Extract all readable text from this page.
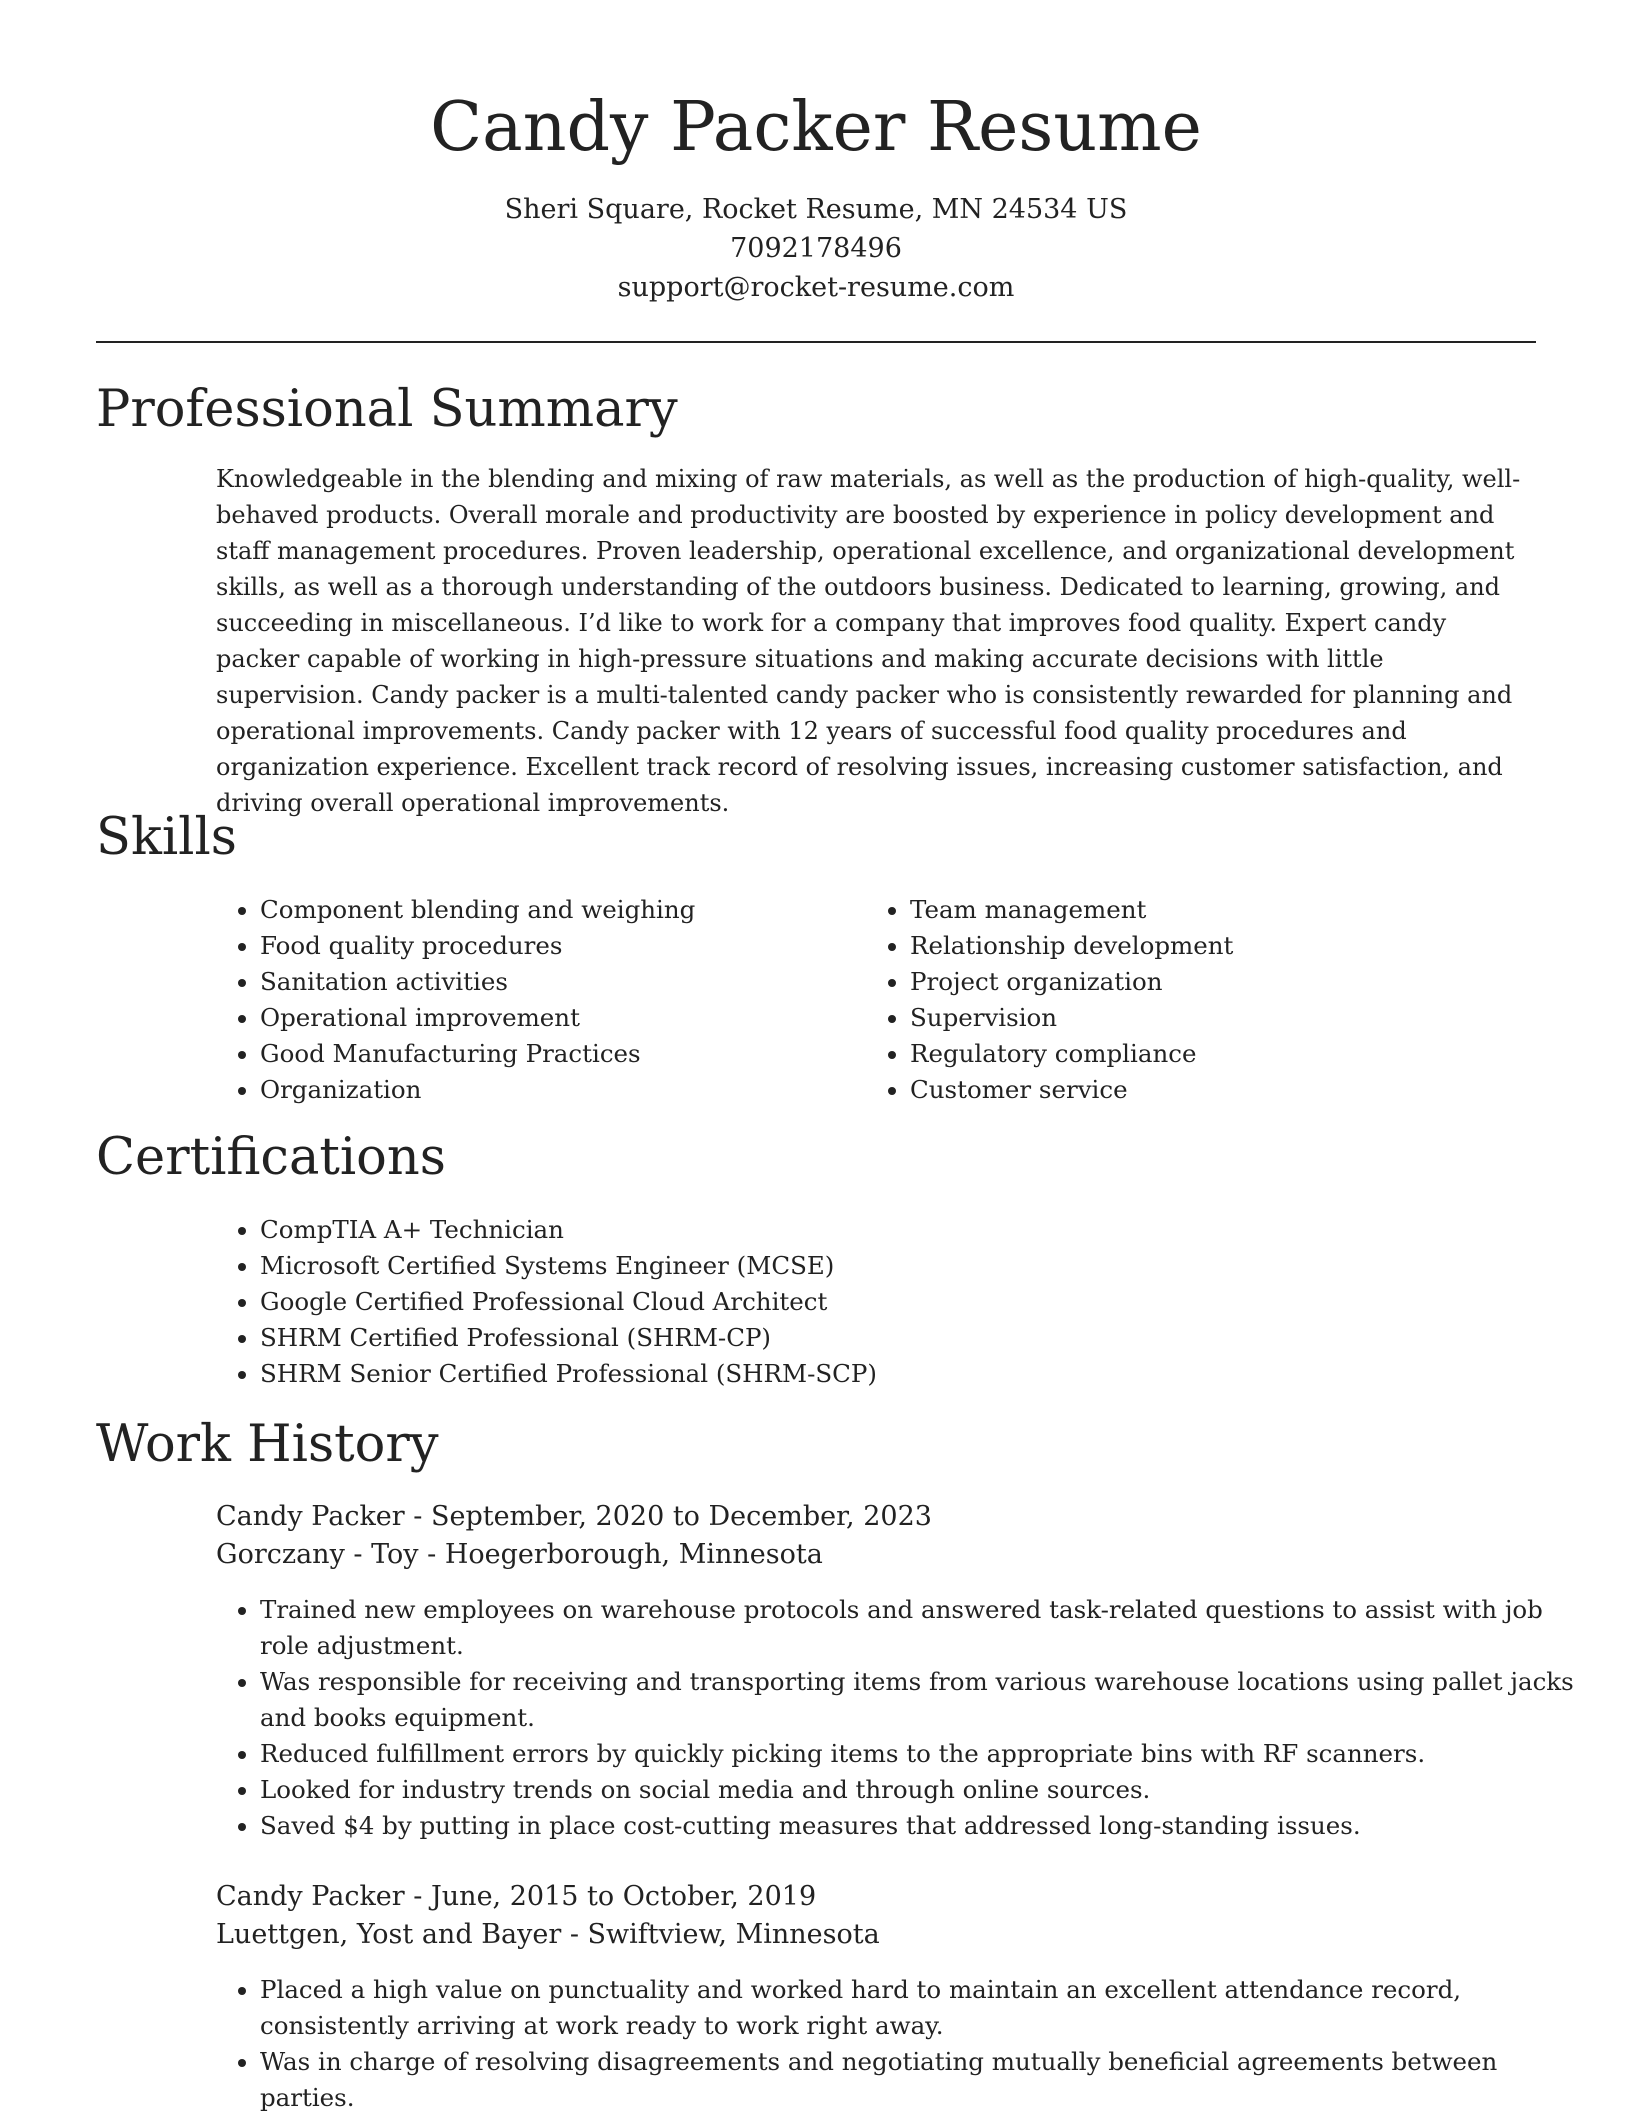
Candy Packer Resume
Sheri Square, Rocket Resume, MN 24534 US
7092178496
support@rocket-resume.com
Professional Summary

Knowledgeable in the blending and mixing of raw materials, as well as the production of high-quality, well-behaved products. Overall morale and productivity are boosted by experience in policy development and staff management procedures. Proven leadership, operational excellence, and organizational development skills, as well as a thorough understanding of the outdoors business. Dedicated to learning, growing, and succeeding in miscellaneous. I’d like to work for a company that improves food quality. Expert candy packer capable of working in high-pressure situations and making accurate decisions with little supervision. Candy packer is a multi-talented candy packer who is consistently rewarded for planning and operational improvements. Candy packer with 12 years of successful food quality procedures and organization experience. Excellent track record of resolving issues, increasing customer satisfaction, and driving overall operational improvements.

Skills
• Component blending and weighing
• Food quality procedures
• Sanitation activities
• Operational improvement
• Good Manufacturing Practices
• Organization
• Team management
• Relationship development
• Project organization
• Supervision
• Regulatory compliance
• Customer service
Certifications
• CompTIA A+ Technician
• Microsoft Certified Systems Engineer (MCSE)
• Google Certified Professional Cloud Architect
• SHRM Certified Professional (SHRM-CP)
• SHRM Senior Certified Professional (SHRM-SCP)
Work History
Candy Packer - September, 2020 to December, 2023
Gorczany - Toy - Hoegerborough, Minnesota
• Trained new employees on warehouse protocols and answered task-related questions to assist with job role adjustment.
• Was responsible for receiving and transporting items from various warehouse locations using pallet jacks and books equipment.
• Reduced fulfillment errors by quickly picking items to the appropriate bins with RF scanners.
• Looked for industry trends on social media and through online sources.
• Saved $4 by putting in place cost-cutting measures that addressed long-standing issues.
Candy Packer - June, 2015 to October, 2019
Luettgen, Yost and Bayer - Swiftview, Minnesota
• Placed a high value on punctuality and worked hard to maintain an excellent attendance record, consistently arriving at work ready to work right away.
• Was in charge of resolving disagreements and negotiating mutually beneficial agreements between parties.
